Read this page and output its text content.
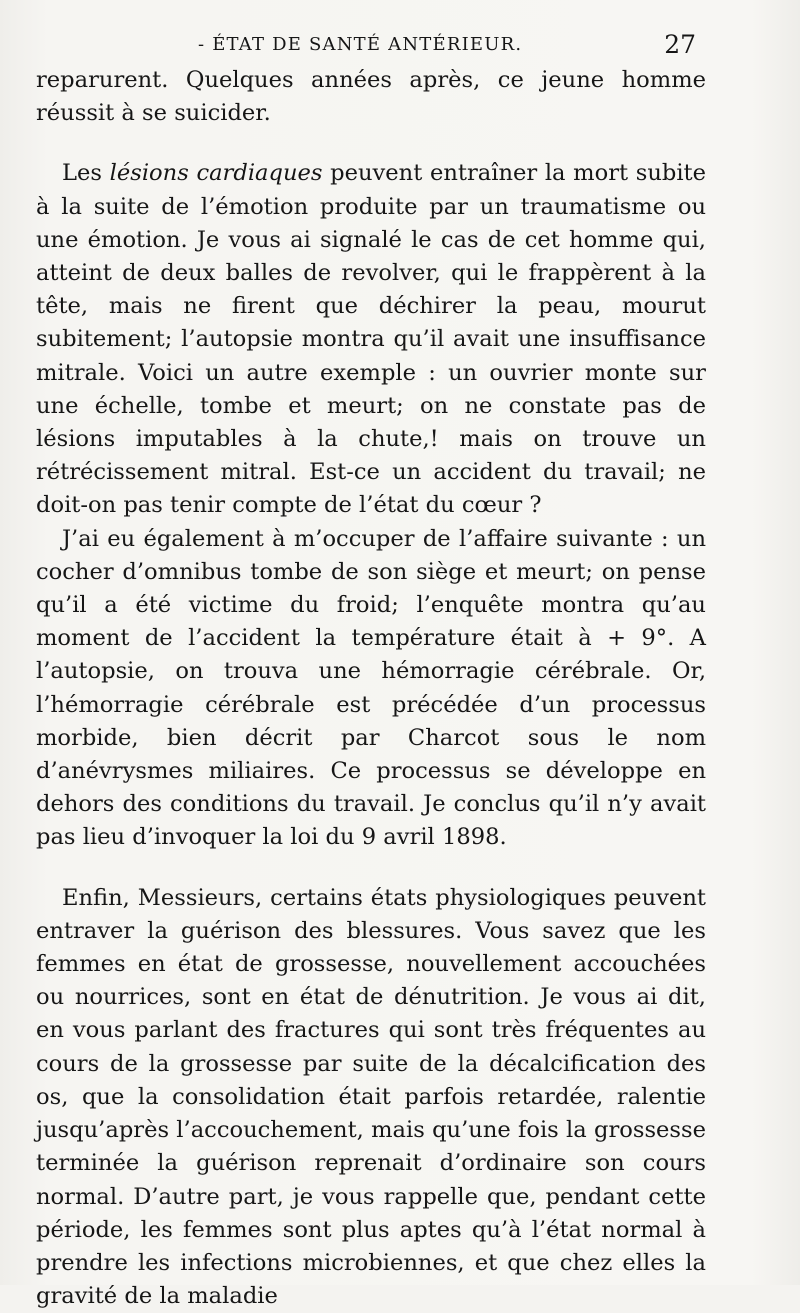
- ÉTAT DE SANTÉ ANTÉRIEUR.	27

reparurent. Quelques années après, ce jeune homme réussit à se suicider.

Les lésions cardiaques peuvent entraîner la mort subite à la suite de l’émotion produite par un traumatisme ou une émotion. Je vous ai signalé le cas de cet homme qui, atteint de deux balles de revolver, qui le frappèrent à la tête, mais ne firent que déchirer la peau, mourut subitement; l’autopsie montra qu’il avait une insuffisance mitrale. Voici un autre exemple : un ouvrier monte sur une échelle, tombe et meurt; on ne constate pas de lésions imputables à la chute,! mais on trouve un rétrécissement mitral. Est-ce un accident du travail; ne doit-on pas tenir compte de l’état du cœur ?

J’ai eu également à m’occuper de l’affaire suivante : un cocher d’omnibus tombe de son siège et meurt; on pense qu’il a été victime du froid; l’enquête montra qu’au moment de l’accident la température était à + 9°. A l’autopsie, on trouva une hémorragie cérébrale. Or, l’hémorragie cérébrale est précédée d’un processus morbide, bien décrit par Charcot sous le nom d’anévrysmes miliaires. Ce processus se développe en dehors des conditions du travail. Je conclus qu’il n’y avait pas lieu d’invoquer la loi du 9 avril 1898.

Enfin, Messieurs, certains états physiologiques peuvent entraver la guérison des blessures. Vous savez que les femmes en état de grossesse, nouvellement accouchées ou nourrices, sont en état de dénutrition. Je vous ai dit, en vous parlant des fractures qui sont très fréquentes au cours de la grossesse par suite de la décalcification des os, que la consolidation était parfois retardée, ralentie jusqu’après l’accouchement, mais qu’une fois la grossesse terminée la guérison reprenait d’ordinaire son cours normal. D’autre part, je vous rappelle que, pendant cette période, les femmes sont plus aptes qu’à l’état normal à prendre les infections microbiennes, et que chez elles la gravité de la maladie
